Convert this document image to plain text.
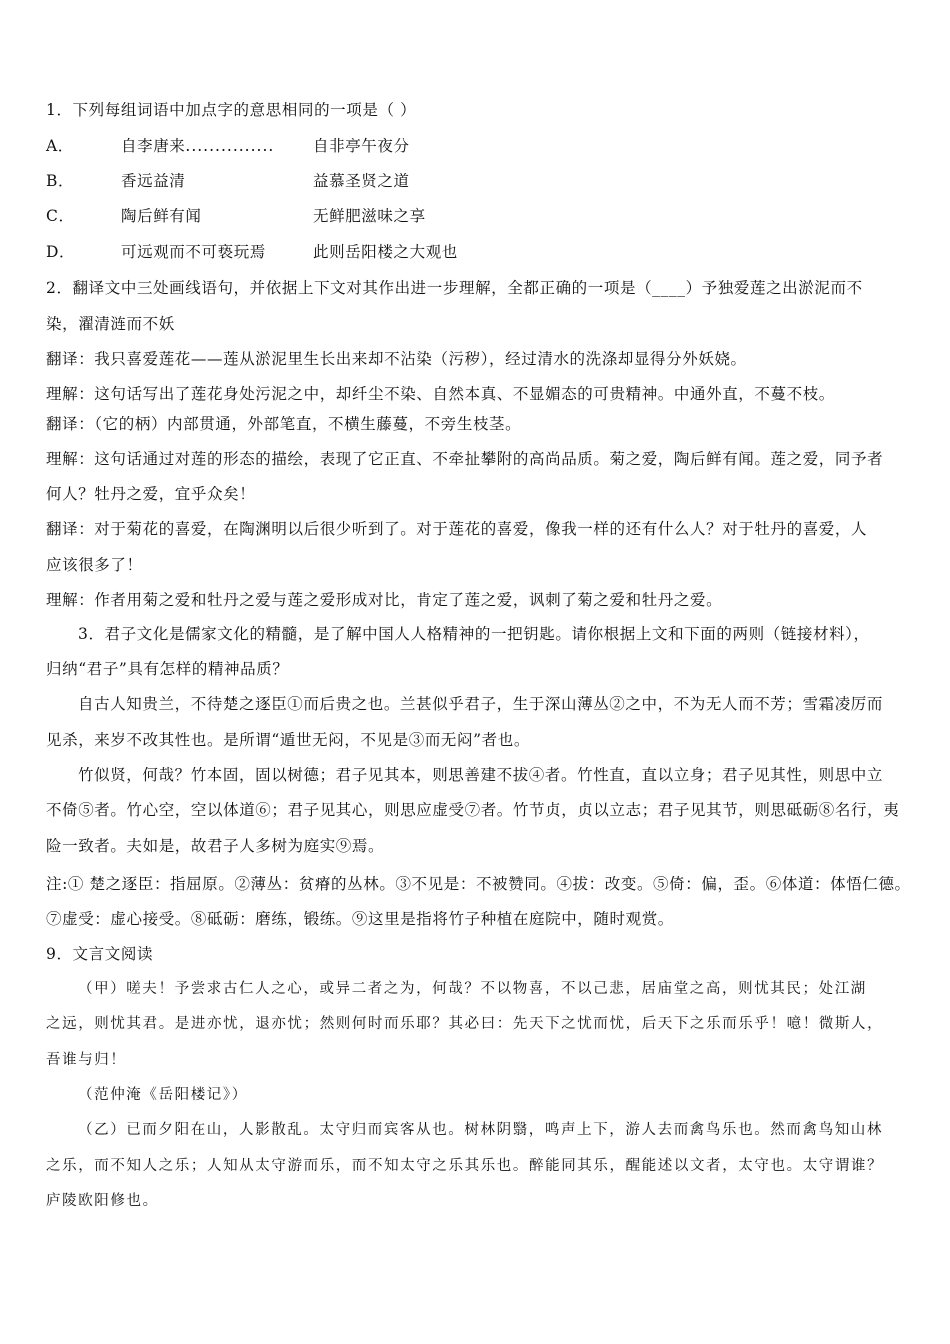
1．下列每组词语中加点字的意思相同的一项是（ ）
A．	自李唐来............... 自非亭午夜分
B．	香远益清	益慕圣贤之道
C．	陶后鲜有闻	无鲜肥滋味之享
D．	可远观而不可亵玩焉	此则岳阳楼之大观也
2．翻译文中三处画线语句，并依据上下文对其作出进一步理解，全都正确的一项是（____）予独爱莲之出淤泥而不
染，濯清涟而不妖
翻译：我只喜爱莲花——莲从淤泥里生长出来却不沾染（污秽），经过清水的洗涤却显得分外妖娆。
理解：这句话写出了莲花身处污泥之中，却纤尘不染、自然本真、不显媚态的可贵精神。中通外直，不蔓不枝。
翻译：（它的柄）内部贯通，外部笔直，不横生藤蔓，不旁生枝茎。
理解：这句话通过对莲的形态的描绘，表现了它正直、不牵扯攀附的高尚品质。菊之爱，陶后鲜有闻。莲之爱，同予者
何人？牡丹之爱，宜乎众矣！
翻译：对于菊花的喜爱，在陶渊明以后很少听到了。对于莲花的喜爱，像我一样的还有什么人？对于牡丹的喜爱，人
应该很多了！
理解：作者用菊之爱和牡丹之爱与莲之爱形成对比，肯定了莲之爱，讽刺了菊之爱和牡丹之爱。
3．君子文化是儒家文化的精髓，是了解中国人人格精神的一把钥匙。请你根据上文和下面的两则（链接材料），
归纳“君子”具有怎样的精神品质？
自古人知贵兰，不待楚之逐臣①而后贵之也。兰甚似乎君子，生于深山薄丛②之中，不为无人而不芳；雪霜凌厉而
见杀，来岁不改其性也。是所谓“遁世无闷，不见是③而无闷”者也。
竹似贤，何哉？竹本固，固以树德；君子见其本，则思善建不拔④者。竹性直，直以立身；君子见其性，则思中立
不倚⑤者。竹心空，空以体道⑥；君子见其心，则思应虚受⑦者。竹节贞，贞以立志；君子见其节，则思砥砺⑧名行，夷
险一致者。夫如是，故君子人多树为庭实⑨焉。
注:① 楚之逐臣：指屈原。②薄丛：贫瘠的丛林。③不见是：不被赞同。④拔：改变。⑤倚：偏，歪。⑥体道：体悟仁德。
⑦虚受：虚心接受。⑧砥砺：磨练，锻练。⑨这里是指将竹子种植在庭院中，随时观赏。
9．文言文阅读
（甲）嗟夫！予尝求古仁人之心，或异二者之为，何哉？不以物喜，不以己悲，居庙堂之高，则忧其民；处江湖
之远，则忧其君。是进亦忧，退亦忧；然则何时而乐耶？其必曰：先天下之忧而忧，后天下之乐而乐乎！噫！微斯人，
吾谁与归！
（范仲淹《岳阳楼记》）
（乙）已而夕阳在山，人影散乱。太守归而宾客从也。树林阴翳，鸣声上下，游人去而禽鸟乐也。然而禽鸟知山林
之乐，而不知人之乐；人知从太守游而乐，而不知太守之乐其乐也。醉能同其乐，醒能述以文者，太守也。太守谓谁？
庐陵欧阳修也。
